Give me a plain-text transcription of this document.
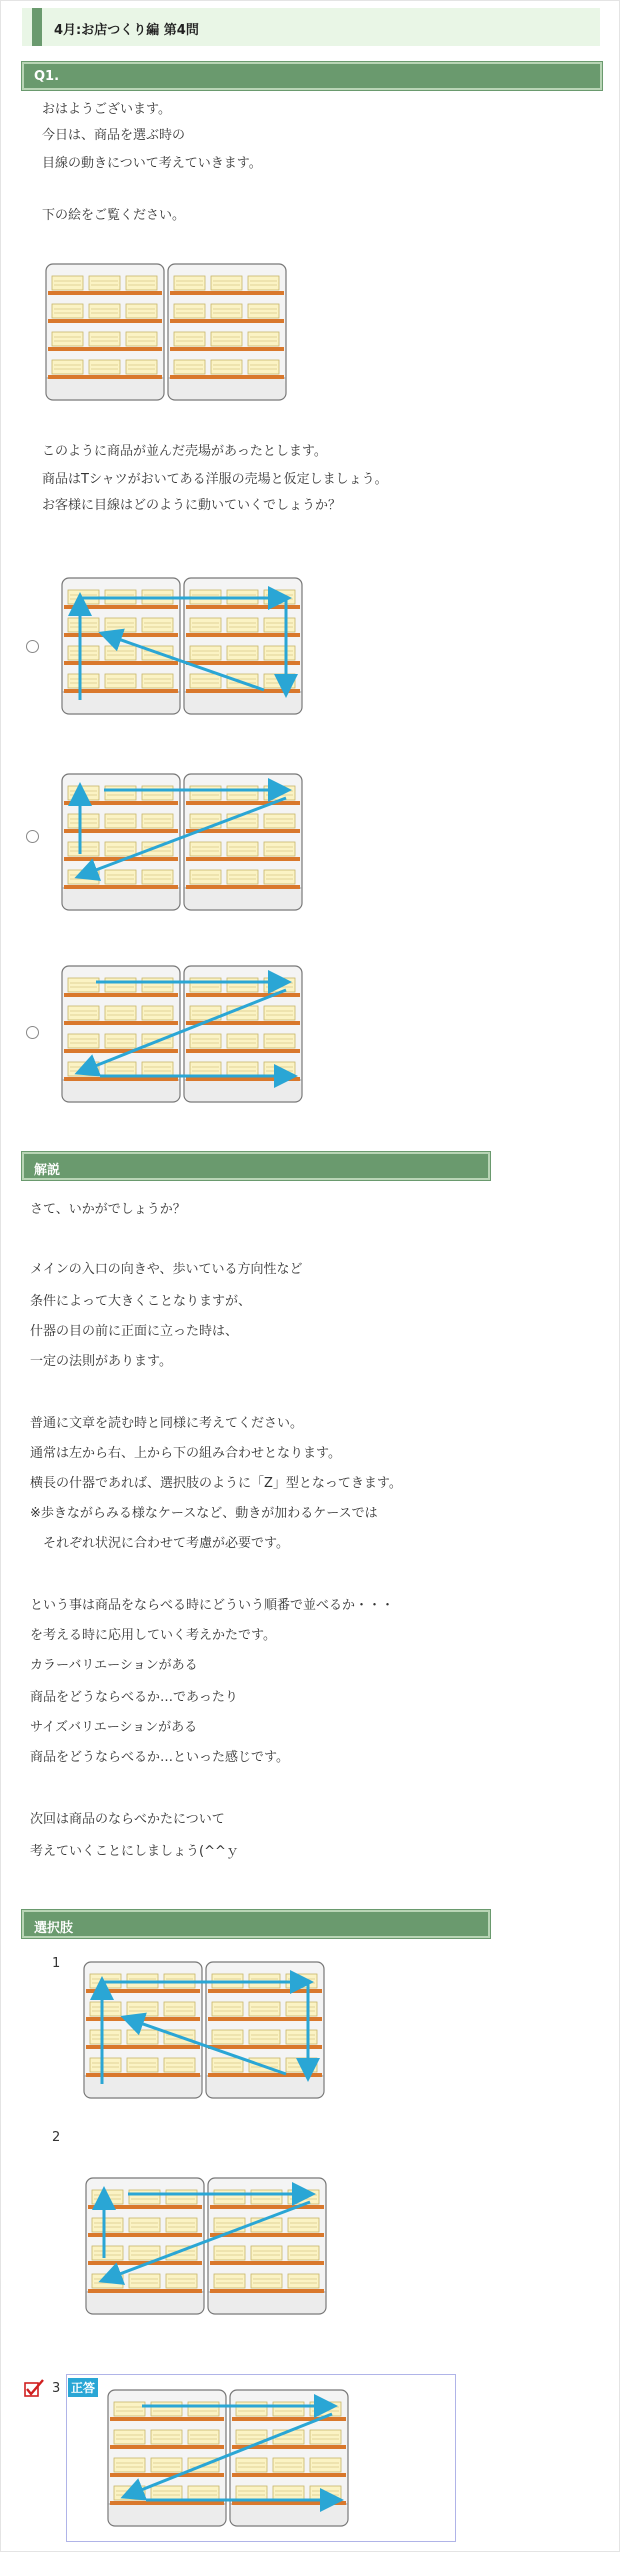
4月:お店つくり編 第4問
Q1.
おはようございます。
今日は、商品を選ぶ時の
目線の動きについて考えていきます。
下の絵をご覧ください。
このように商品が並んだ売場があったとします。
商品はTシャツがおいてある洋服の売場と仮定しましょう。
お客様に目線はどのように動いていくでしょうか？
解説
さて、いかがでしょうか？
メインの入口の向きや、歩いている方向性など
条件によって大きくことなりますが、
什器の目の前に正面に立った時は、
一定の法則があります。
普通に文章を読む時と同様に考えてください。
通常は左から右、上から下の組み合わせとなります。
横長の什器であれば、選択肢のように「Z」型となってきます。
※歩きながらみる様なケースなど、動きが加わるケースでは
　それぞれ状況に合わせて考慮が必要です。
という事は商品をならべる時にどういう順番で並べるか・・・
を考える時に応用していく考えかたです。
カラーバリエーションがある
商品をどうならべるか…であったり
サイズバリエーションがある
商品をどうならべるか…といった感じです。
次回は商品のならべかたについて
考えていくことにしましょう(^^ｙ
選択肢
1
2
3 正答
